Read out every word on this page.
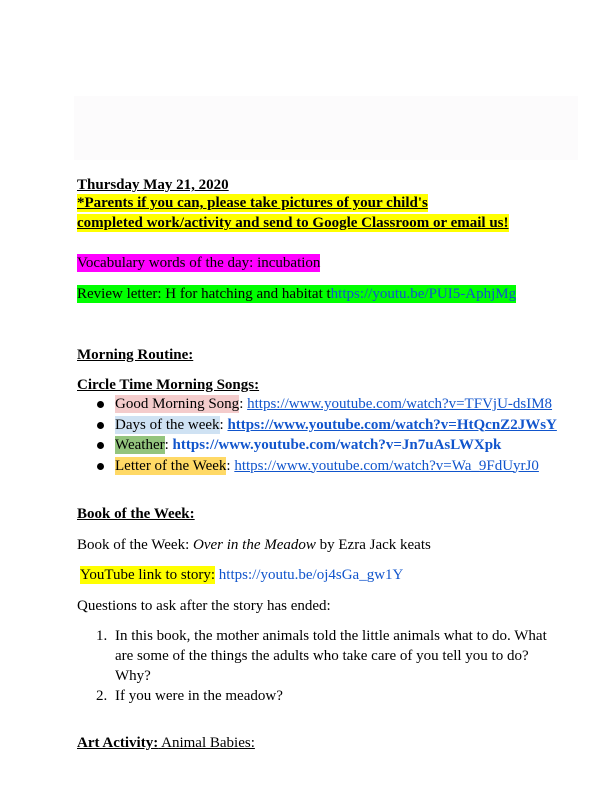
Thursday May 21, 2020
*Parents if you can, please take pictures of your child's
completed work/activity and send to Google Classroom or email us!
Vocabulary words of the day: incubation
Review letter: H for hatching and habitat thttps://youtu.be/PUI5-AphjMg
Morning Routine:
Circle Time Morning Songs:
Good Morning Song: https://www.youtube.com/watch?v=TFVjU-dsIM8
Days of the week: https://www.youtube.com/watch?v=HtQcnZ2JWsY
Weather: https://www.youtube.com/watch?v=Jn7uAsLWXpk
Letter of the Week: https://www.youtube.com/watch?v=Wa_9FdUyrJ0
Book of the Week:
Book of the Week: Over in the Meadow by Ezra Jack keats
YouTube link to story: https://youtu.be/oj4sGa_gw1Y
Questions to ask after the story has ended:
1. In this book, the mother animals told the little animals what to do. What are some of the things the adults who take care of you tell you to do? Why?
2. If you were in the meadow?
Art Activity: Animal Babies:
